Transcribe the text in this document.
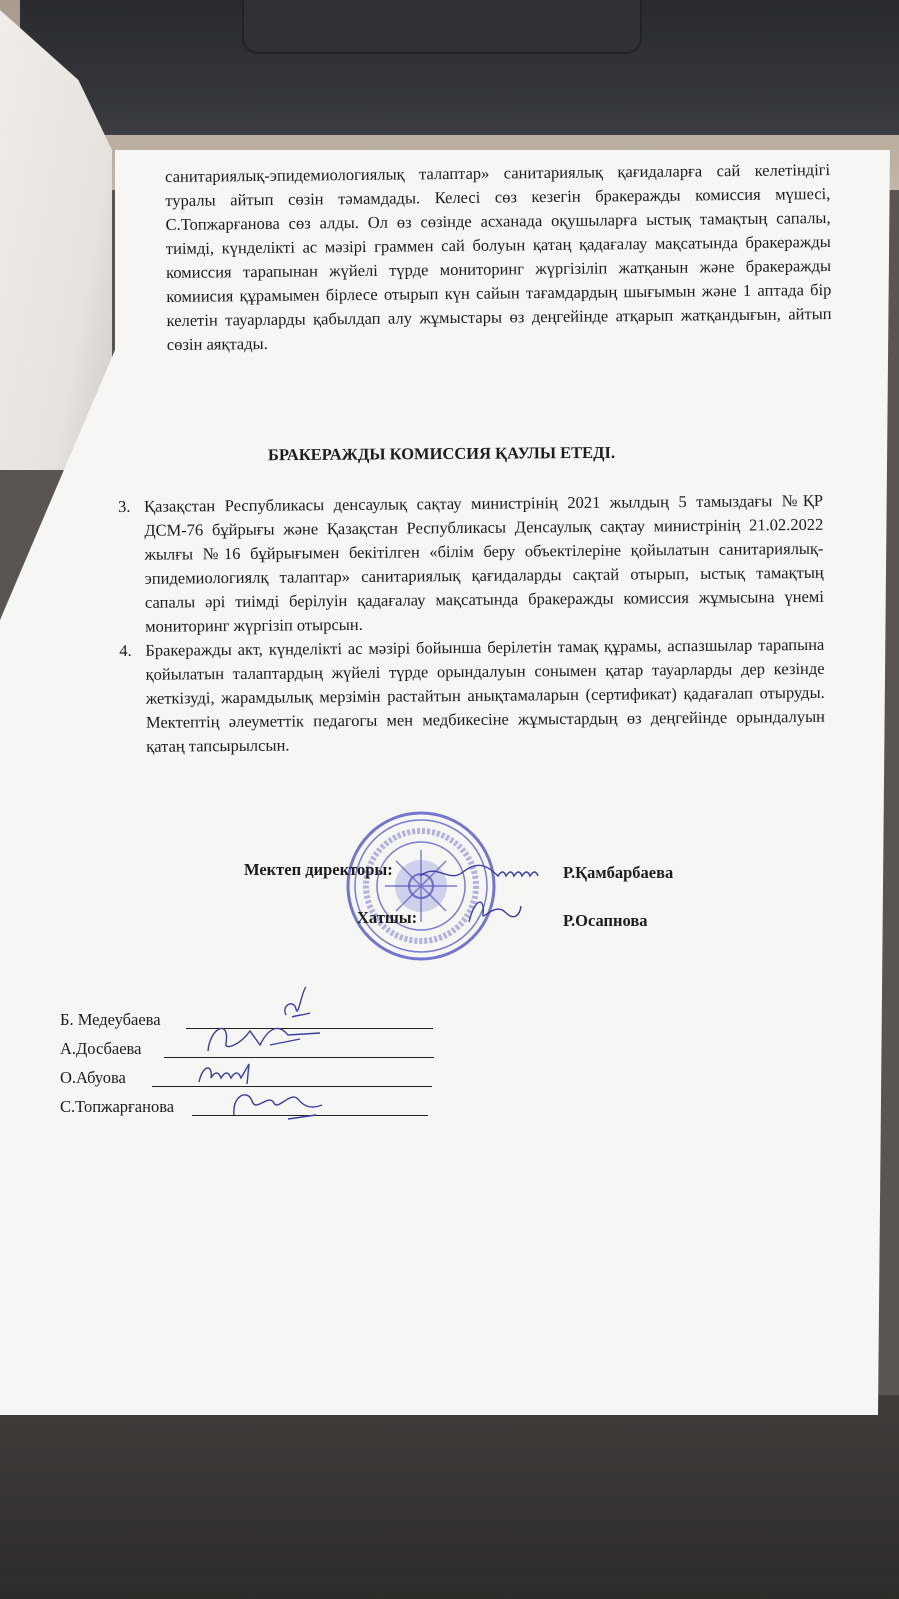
санитариялық-эпидемиологиялық талаптар» санитариялық қағидаларға сай келетіндігі туралы айтып сөзін тәмамдады. Келесі сөз кезегін бракеражды комиссия мүшесі, С.Топжарғанова сөз алды. Ол өз сөзінде асханада оқушыларға ыстық тамақтың сапалы, тиімді, күнделікті ас мәзірі граммен сай болуын қатаң қадағалау мақсатында бракеражды комиссия тарапынан жүйелі түрде мониторинг жүргізіліп жатқанын және бракеражды комиисия құрамымен бірлесе отырып күн сайын тағамдардың шығымын және 1 аптада бір келетін тауарларды қабылдап алу жұмыстары өз деңгейінде атқарып жатқандығын, айтып сөзін аяқтады.

БРАКЕРАЖДЫ КОМИССИЯ ҚАУЛЫ ЕТЕДІ.
3. Қазақстан Республикасы денсаулық сақтау министрінің 2021 жылдың 5 тамыздағы №ҚР ДСМ-76 бұйрығы және Қазақстан Республикасы Денсаулық сақтау министрінің 21.02.2022 жылғы №16 бұйрығымен бекітілген «білім беру объектілеріне қойылатын санитариялық-эпидемиологиялқ талаптар» санитариялық қағидаларды сақтай отырып, ыстық тамақтың сапалы әрі тиімді берілуін қадағалау мақсатында бракеражды комиссия жұмысына үнемі мониторинг жүргізіп отырсын.
4. Бракеражды акт, күнделікті ас мәзірі бойынша берілетін тамақ құрамы, аспазшылар тарапына қойылатын талаптардың жүйелі түрде орындалуын сонымен қатар тауарларды дер кезінде жеткізуді, жарамдылық мерзімін растайтын анықтамаларын (сертификат) қадағалап отыруды. Мектептің әлеуметтік педагогы мен медбикесіне жұмыстардың өз деңгейінде орындалуын қатаң тапсырылсын.
Мектеп директоры:	Р.Қамбарбаева
Хатшы:	Р.Осапнова
Б. Медеубаева
А.Досбаева
О.Абуова
С.Топжарғанова
